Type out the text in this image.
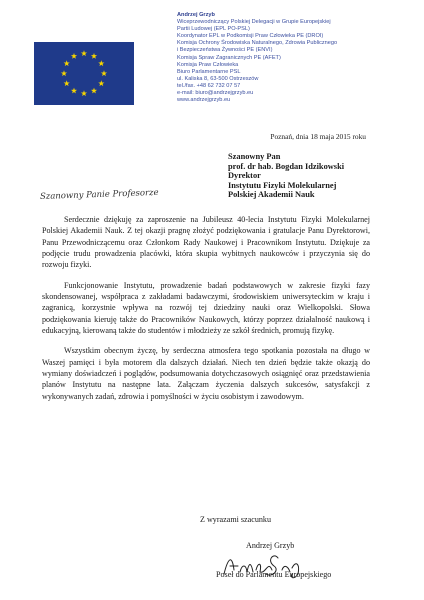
Andrzej Grzyb
Wiceprzewodniczący Polskiej Delegacji w Grupie Europejskiej
Partii Ludowej (EPL PO-PSL)
Koordynator EPL w Podkomisji Praw Człowieka PE (DROI)
Komisja Ochrony Środowiska Naturalnego, Zdrowia Publicznego
i Bezpieczeństwa Żywności PE (ENVI)
Komisja Spraw Zagranicznych PE (AFET)
Komisja Praw Człowieka
Biuro Parlamentarne PSL
ul. Kaliska 8, 63-500 Ostrzeszów
tel./fax. +48 62 732 07 57
e-mail: biuro@andrzejgrzyb.eu
www.andrzejgrzyb.eu
Poznań, dnia 18 maja 2015 roku
Szanowny Pan
prof. dr hab. Bogdan Idzikowski
Dyrektor
Instytutu Fizyki Molekularnej
Polskiej Akademii Nauk
Szanowny Panie Profesorze

Serdecznie dziękuję za zaproszenie na Jubileusz 40-lecia Instytutu Fizyki Molekularnej Polskiej Akademii Nauk. Z tej okazji pragnę złożyć podziękowania i gratulacje Panu Dyrektorowi, Panu Przewodniczącemu oraz Członkom Rady Naukowej i Pracownikom Instytutu. Dziękuje za podjęcie trudu prowadzenia placówki, która skupia wybitnych naukowców i przyczynia się do rozwoju fizyki.

Funkcjonowanie Instytutu, prowadzenie badań podstawowych w zakresie fizyki fazy skondensowanej, współpraca z zakładami badawczymi, środowiskiem uniwersyteckim w kraju i zagranicą, korzystnie wpływa na rozwój tej dziedziny nauki oraz Wielkopolski. Słowa podziękowania kieruję także do Pracowników Naukowych, którzy poprzez działalność naukową i edukacyjną, kierowaną także do studentów i młodzieży ze szkół średnich, promują fizykę.

Wszystkim obecnym życzę, by serdeczna atmosfera tego spotkania pozostała na długo w Waszej pamięci i była motorem dla dalszych działań. Niech ten dzień będzie także okazją do wymiany doświadczeń i poglądów, podsumowania dotychczasowych osiągnięć oraz przedstawienia planów Instytutu na następne lata. Załączam życzenia dalszych sukcesów, satysfakcji z wykonywanych zadań, zdrowia i pomyślności w życiu osobistym i zawodowym.

Z wyrazami szacunku
Andrzej Grzyb
Poseł do Parlamentu Europejskiego
